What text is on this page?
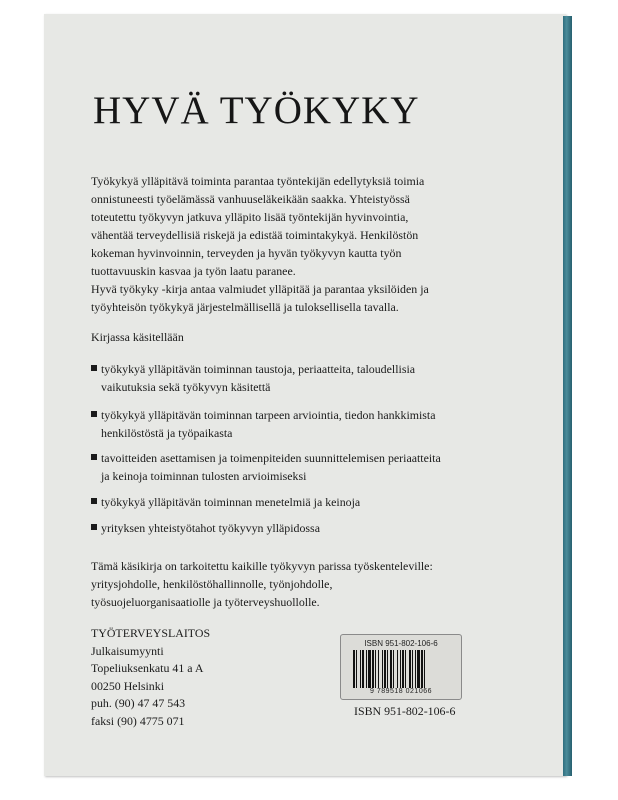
HYVÄ TYÖKYKY

Työkykyä ylläpitävä toiminta parantaa työntekijän edellytyksiä toimia onnistuneesti työelämässä vanhuuseläkeikään saakka. Yhteistyössä toteutettu työkyvyn jatkuva ylläpito lisää työntekijän hyvinvointia, vähentää terveydellisiä riskejä ja edistää toimintakykyä. Henkilöstön kokeman hyvinvoinnin, terveyden ja hyvän työkyvyn kautta työn tuottavuuskin kasvaa ja työn laatu paranee.

Hyvä työkyky -kirja antaa valmiudet ylläpitää ja parantaa yksilöiden ja työyhteisön työkykyä järjestelmällisellä ja tuloksellisella tavalla.

Kirjassa käsitellään

työkykyä ylläpitävän toiminnan taustoja, periaatteita, taloudellisia vaikutuksia sekä työkyvyn käsitettä
työkykyä ylläpitävän toiminnan tarpeen arviointia, tiedon hankkimista henkilöstöstä ja työpaikasta
tavoitteiden asettamisen ja toimenpiteiden suunnittelemisen periaatteita ja keinoja toiminnan tulosten arvioimiseksi
työkykyä ylläpitävän toiminnan menetelmiä ja keinoja
yrityksen yhteistyötahot työkyvyn ylläpidossa

Tämä käsikirja on tarkoitettu kaikille työkyvyn parissa työskenteleville: yritysjohdolle, henkilöstöhallinnolle, työnjohdolle, työsuojeluorganisaatiolle ja työterveyshuollolle.

TYÖTERVEYSLAITOS
Julkaisumyynti
Topeliuksenkatu 41 a A
00250 Helsinki
puh. (90) 47 47 543
faksi (90) 4775 071
ISBN 951-802-106-6
9 789518 021066

ISBN 951-802-106-6
